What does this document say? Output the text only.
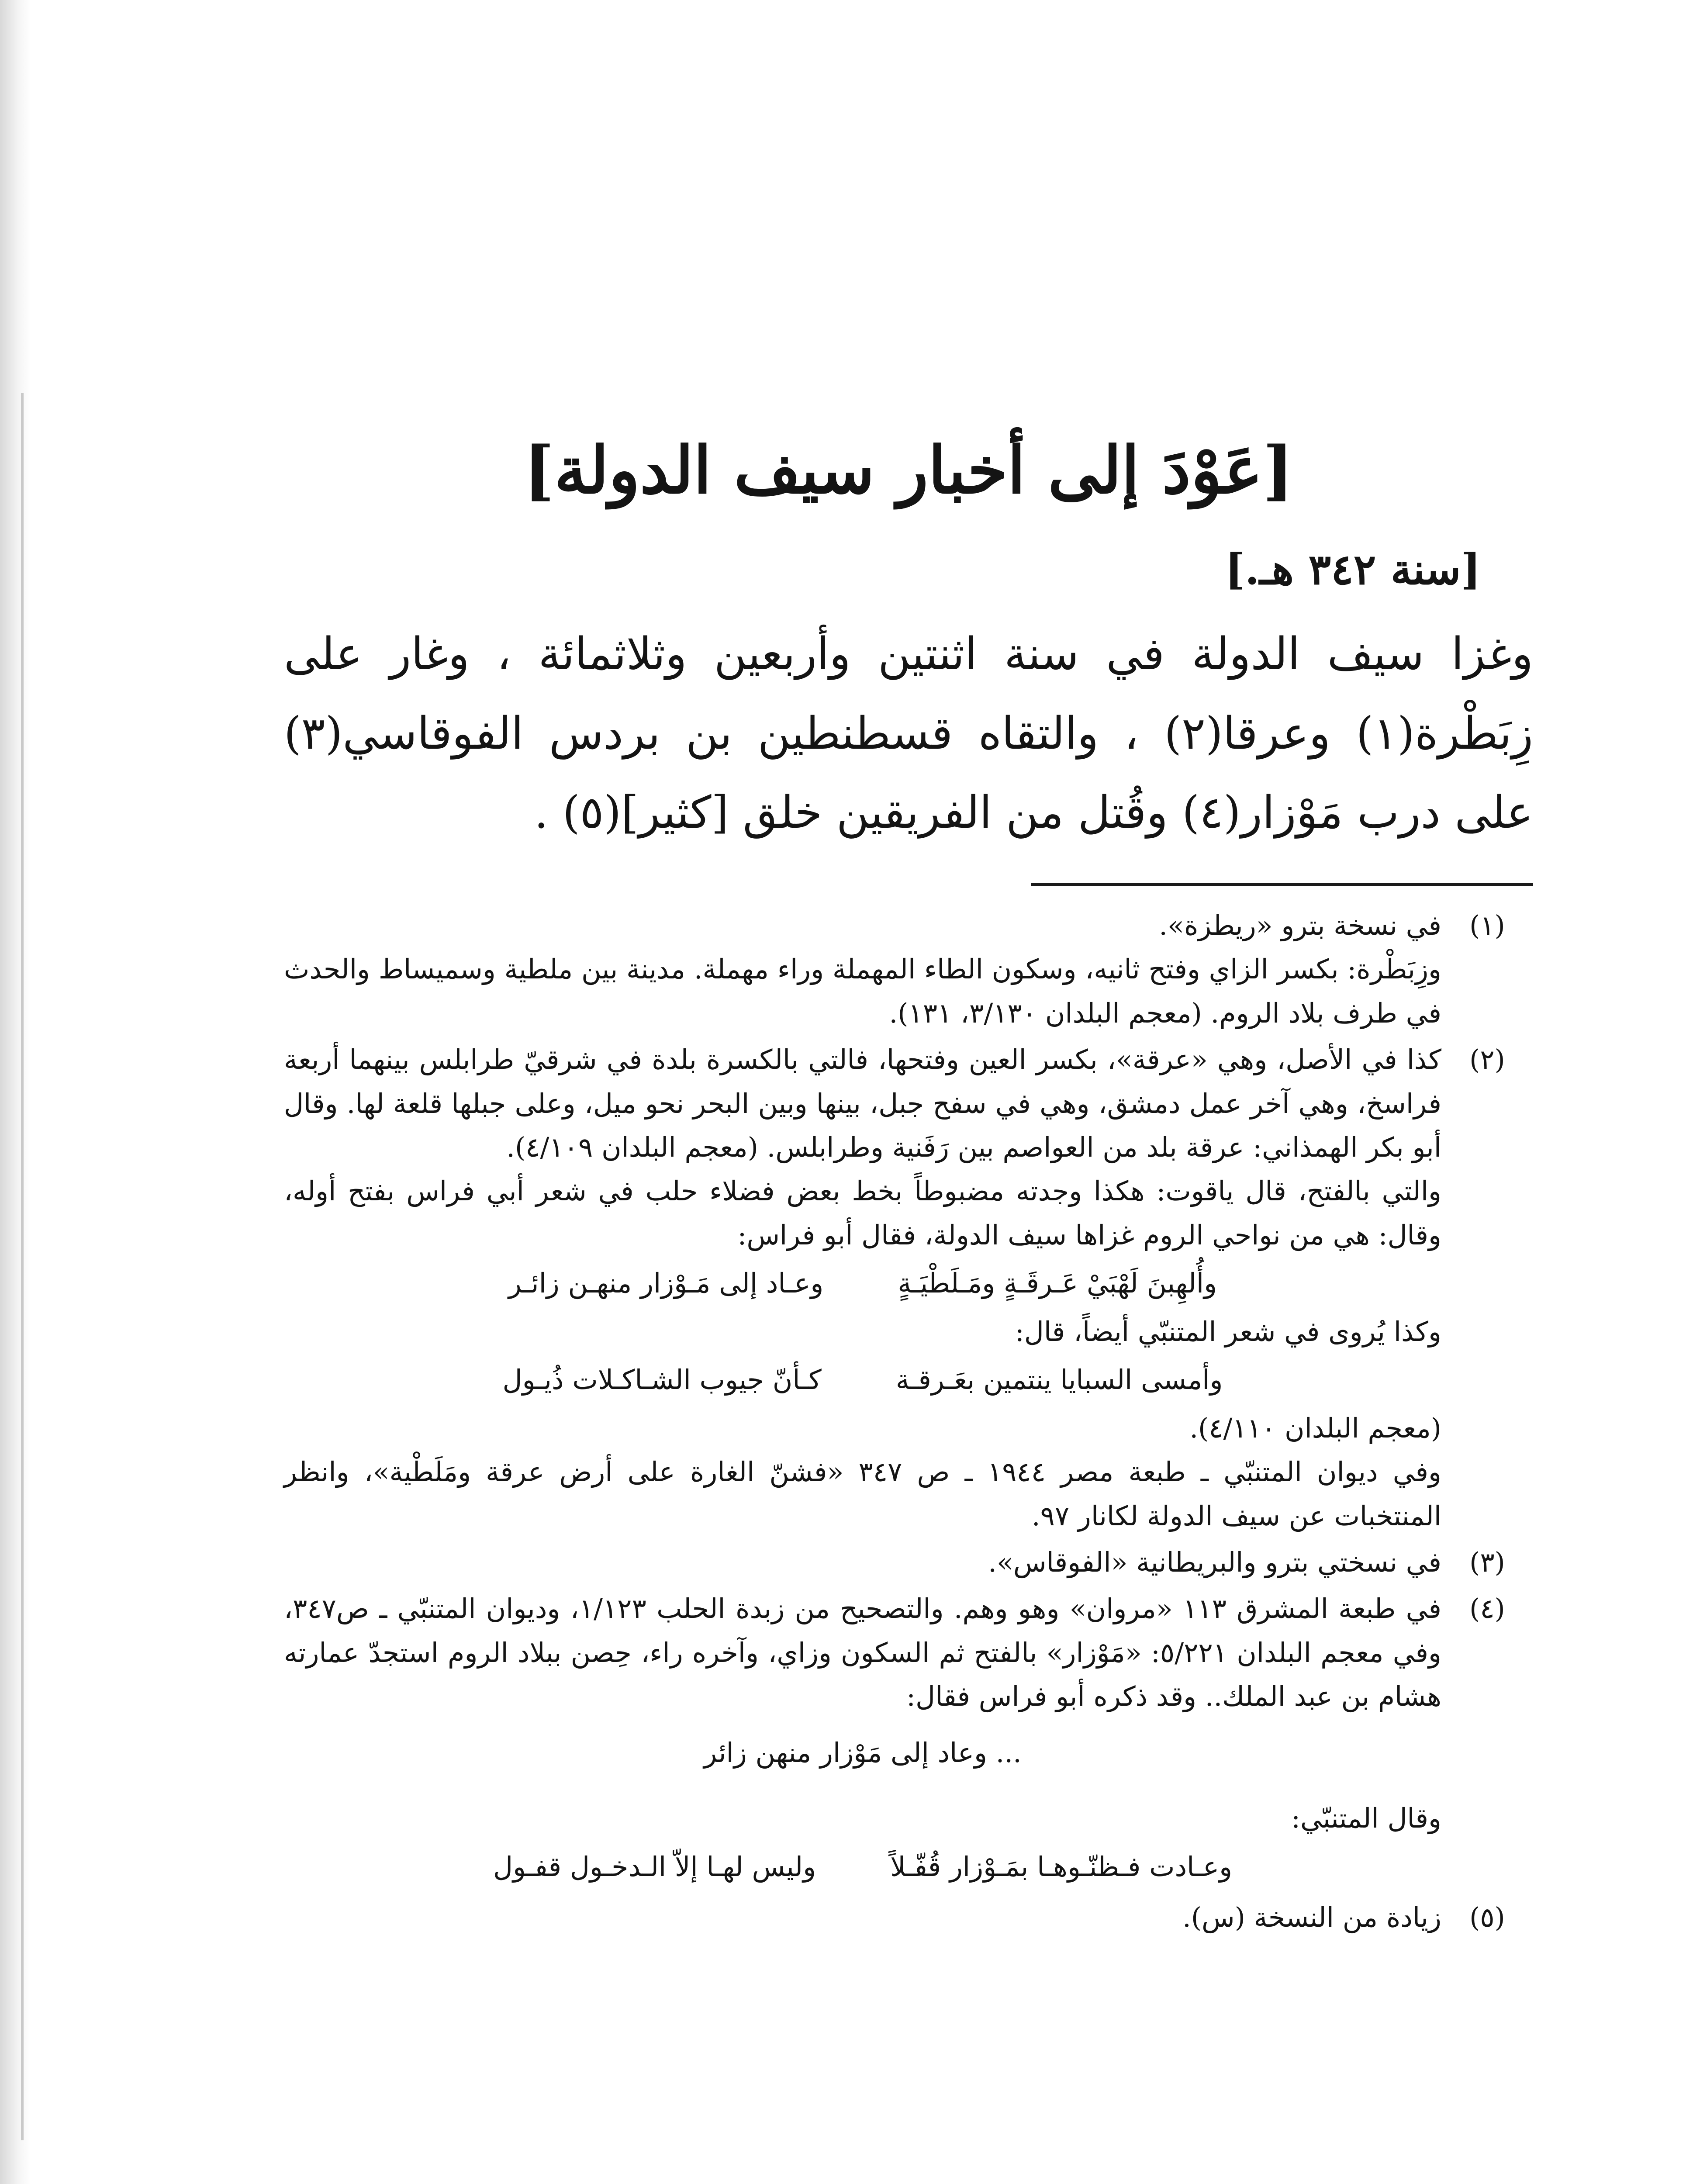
[عَوْدَ إلى أخبار سيف الدولة]
[سنة ٣٤٢ هـ.]

وغزا سيف الدولة في سنة اثنتين وأربعين وثلاثمائة ، وغار على زِبَطْرة(١) وعرقا(٢) ، والتقاه قسطنطين بن بردس الفوقاسي(٣) على درب مَوْزار(٤) وقُتل من الفريقين خلق [كثير](٥) .

(١)

في نسخة بترو «ريطزة».

وزِبَطْرة: بكسر الزاي وفتح ثانيه، وسكون الطاء المهملة وراء مهملة. مدينة بين ملطية وسميساط والحدث في طرف بلاد الروم. (معجم البلدان ٣/١٣٠، ١٣١).

(٢)

كذا في الأصل، وهي «عرقة»، بكسر العين وفتحها، فالتي بالكسرة بلدة في شرقيّ طرابلس بينهما أربعة فراسخ، وهي آخر عمل دمشق، وهي في سفح جبل، بينها وبين البحر نحو ميل، وعلى جبلها قلعة لها. وقال أبو بكر الهمذاني: عرقة بلد من العواصم بين رَفَنية وطرابلس. (معجم البلدان ٤/١٠٩).

والتي بالفتح، قال ياقوت: هكذا وجدته مضبوطاً بخط بعض فضلاء حلب في شعر أبي فراس بفتح أوله، وقال: هي من نواحي الروم غزاها سيف الدولة، فقال أبو فراس:

وأُلهِبنَ لَهْبَيْ عَـرقَـةٍ ومَـلَطْيَـةٍ
وعـاد إلى مَـوْزار منهـن زائـر

وكذا يُروى في شعر المتنبّي أيضاً، قال:

وأمسى السبايا ينتمين بعَـرقـة
كـأنّ جيوب الشـاكـلات ذُيـول

(معجم البلدان ٤/١١٠).

وفي ديوان المتنبّي ـ طبعة مصر ١٩٤٤ ـ ص ٣٤٧ «فشنّ الغارة على أرض عرقة ومَلَطْية»، وانظر المنتخبات عن سيف الدولة لكانار ٩٧.

(٣)

في نسختي بترو والبريطانية «الفوقاس».

(٤)

في طبعة المشرق ١١٣ «مروان» وهو وهم. والتصحيح من زبدة الحلب ١/١٢٣، وديوان المتنبّي ـ ص٣٤٧، وفي معجم البلدان ٥/٢٢١: «مَوْزار» بالفتح ثم السكون وزاي، وآخره راء، حِصن ببلاد الروم استجدّ عمارته هشام بن عبد الملك.. وقد ذكره أبو فراس فقال:

... وعاد إلى مَوْزار منهن زائر

وقال المتنبّي:

وعـادت فـظنّـوهـا بمَـوْزار قُفّـلاً
وليس لهـا إلاّ الـدخـول قفـول
(٥)

زيادة من النسخة (س).
